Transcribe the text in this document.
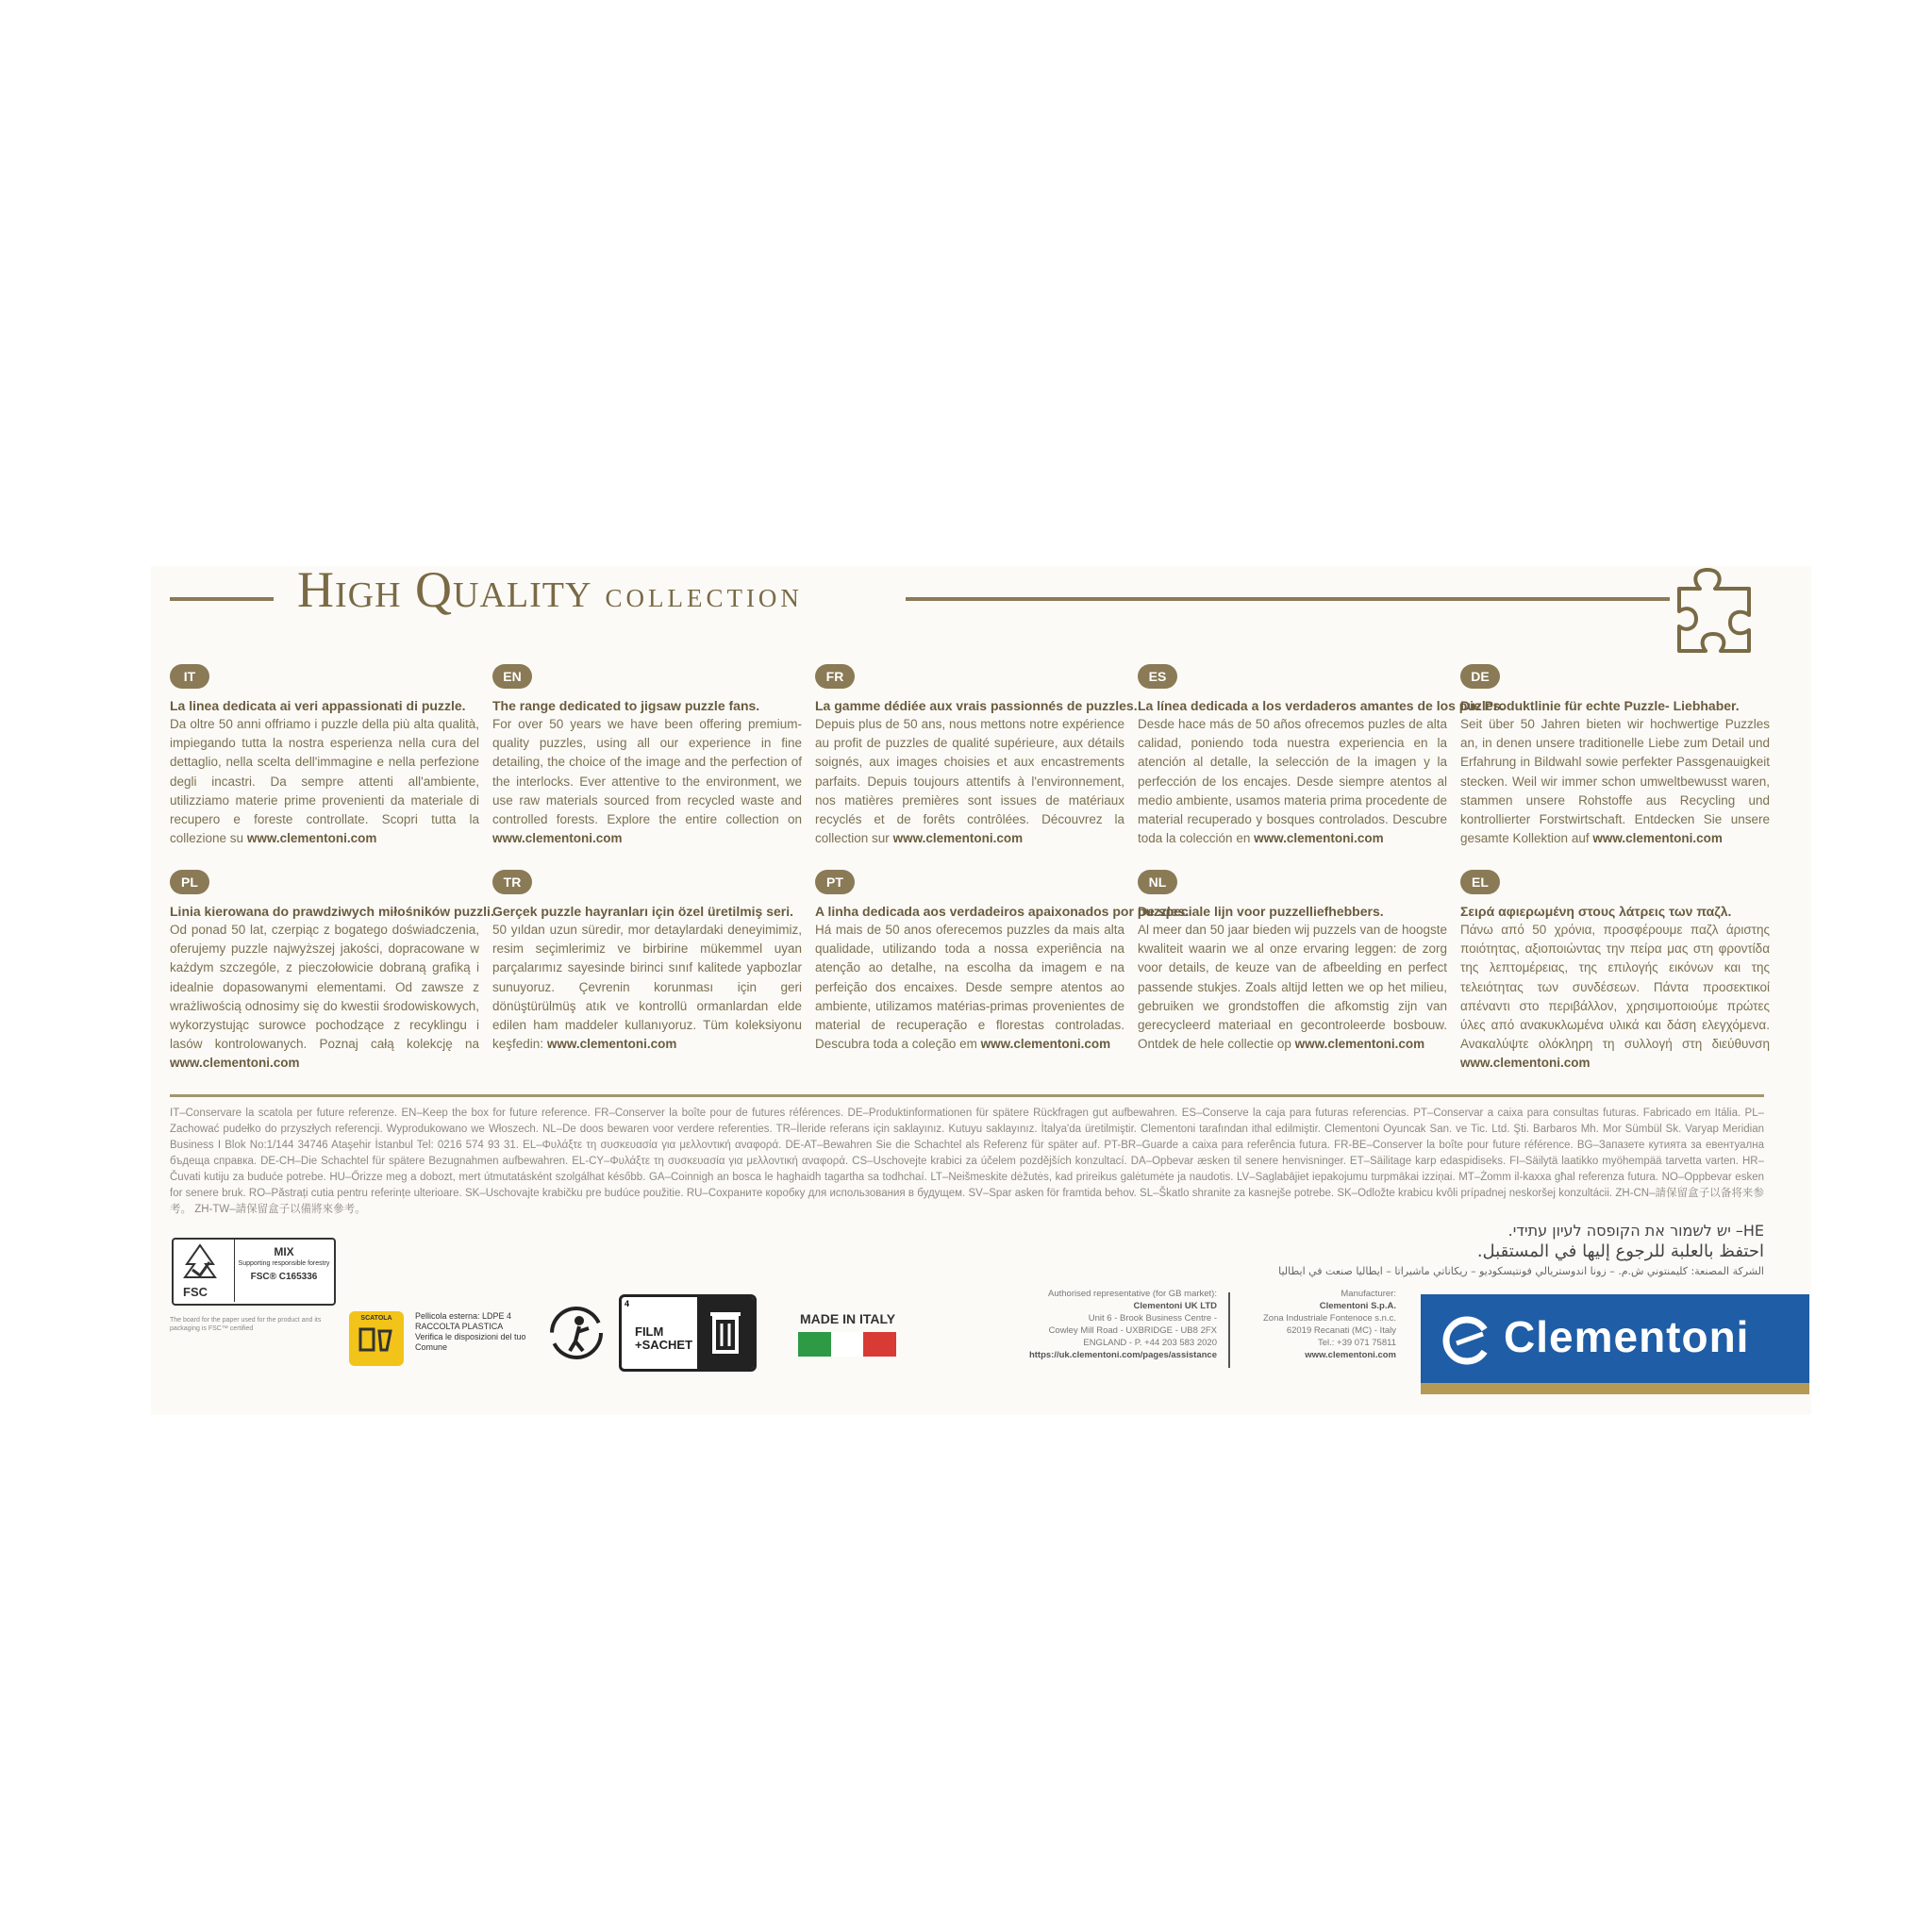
High Quality collection
IT
La linea dedicata ai veri appassionati di puzzle.
Da oltre 50 anni offriamo i puzzle della più alta qualità, impiegando tutta la nostra esperienza nella cura del dettaglio, nella scelta dell'immagine e nella perfezione degli incastri. Da sempre attenti all'ambiente, utilizziamo materie prime provenienti da materiale di recupero e foreste controllate. Scopri tutta la collezione su www.clementoni.com
EN
The range dedicated to jigsaw puzzle fans.
For over 50 years we have been offering premium-quality puzzles, using all our experience in fine detailing, the choice of the image and the perfection of the interlocks. Ever attentive to the environment, we use raw materials sourced from recycled waste and controlled forests. Explore the entire collection on www.clementoni.com
FR
La gamme dédiée aux vrais passionnés de puzzles.
Depuis plus de 50 ans, nous mettons notre expérience au profit de puzzles de qualité supérieure, aux détails soignés, aux images choisies et aux encastrements parfaits. Depuis toujours attentifs à l'environnement, nos matières premières sont issues de matériaux recyclés et de forêts contrôlées. Découvrez la collection sur www.clementoni.com
ES
La línea dedicada a los verdaderos amantes de los puzles.
Desde hace más de 50 años ofrecemos puzles de alta calidad, poniendo toda nuestra experiencia en la atención al detalle, la selección de la imagen y la perfección de los encajes. Desde siempre atentos al medio ambiente, usamos materia prima procedente de material recuperado y bosques controlados. Descubre toda la colección en www.clementoni.com
DE
Die Produktlinie für echte Puzzle- Liebhaber.
Seit über 50 Jahren bieten wir hochwertige Puzzles an, in denen unsere traditionelle Liebe zum Detail und Erfahrung in Bildwahl sowie perfekter Passgenauigkeit stecken. Weil wir immer schon umweltbewusst waren, stammen unsere Rohstoffe aus Recycling und kontrollierter Forstwirtschaft. Entdecken Sie unsere gesamte Kollektion auf www.clementoni.com
PL
Linia kierowana do prawdziwych miłośników puzzli.
Od ponad 50 lat, czerpiąc z bogatego doświadczenia, oferujemy puzzle najwyższej jakości, dopracowane w każdym szczególe, z pieczołowicie dobraną grafiką i idealnie dopasowanymi elementami. Od zawsze z wrażliwością odnosimy się do kwestii środowiskowych, wykorzystując surowce pochodzące z recyklingu i lasów kontrolowanych. Poznaj całą kolekcję na www.clementoni.com
TR
Gerçek puzzle hayranları için özel üretilmiş seri.
50 yıldan uzun süredir, mor detaylardaki deneyimimiz, resim seçimlerimiz ve birbirine mükemmel uyan parçalarımız sayesinde birinci sınıf kalitede yapbozlar sunuyoruz. Çevrenin korunması için geri dönüştürülmüş atık ve kontrollü ormanlardan elde edilen ham maddeler kullanıyoruz. Tüm koleksiyonu keşfedin: www.clementoni.com
PT
A linha dedicada aos verdadeiros apaixonados por puzzles.
Há mais de 50 anos oferecemos puzzles da mais alta qualidade, utilizando toda a nossa experiência na atenção ao detalhe, na escolha da imagem e na perfeição dos encaixes. Desde sempre atentos ao ambiente, utilizamos matérias-primas provenientes de material de recuperação e florestas controladas. Descubra toda a coleção em www.clementoni.com
NL
De speciale lijn voor puzzelliefhebbers.
Al meer dan 50 jaar bieden wij puzzels van de hoogste kwaliteit waarin we al onze ervaring leggen: de zorg voor details, de keuze van de afbeelding en perfect passende stukjes. Zoals altijd letten we op het milieu, gebruiken we grondstoffen die afkomstig zijn van gerecycleerd materiaal en gecontroleerde bosbouw. Ontdek de hele collectie op www.clementoni.com
EL
Σειρά αφιερωμένη στους λάτρεις των παζλ.
Πάνω από 50 χρόνια, προσφέρουμε παζλ άριστης ποιότητας, αξιοποιώντας την πείρα μας στη φροντίδα της λεπτομέρειας, της επιλογής εικόνων και της τελειότητας των συνδέσεων. Πάντα προσεκτικοί απέναντι στο περιβάλλον, χρησιμοποιούμε πρώτες ύλες από ανακυκλωμένα υλικά και δάση ελεγχόμενα. Ανακαλύψτε ολόκληρη τη συλλογή στη διεύθυνση www.clementoni.com
IT–Conservare la scatola per future referenze. EN–Keep the box for future reference. FR–Conserver la boîte pour de futures références. DE–Produktinformationen für spätere Rückfragen gut aufbewahren. ES–Conserve la caja para futuras referencias. PT–Conservar a caixa para consultas futuras. Fabricado em Itália. PL–Zachować pudełko do przyszłych referencji. Wyprodukowano we Włoszech. NL–De doos bewaren voor verdere referenties. TR–İleride referans için saklayınız. Kutuyu saklayınız. İtalya'da üretilmiştir. Clementoni tarafından ithal edilmiştir. Clementoni Oyuncak San. ve Tic. Ltd. Şti. Barbaros Mh. Mor Sümbül Sk. Varyap Meridian Business I Blok No:1/144 34746 Ataşehir İstanbul Tel: 0216 574 93 31. EL–Φυλάξτε τη συσκευασία για μελλοντική αναφορά. DE-AT–Bewahren Sie die Schachtel als Referenz für später auf. PT-BR–Guarde a caixa para referência futura. FR-BE–Conserver la boîte pour future référence. BG–Запазете кутията за евентуална бъдеща справка. DE-CH–Die Schachtel für spätere Bezugnahmen aufbewahren. EL-CY–Φυλάξτε τη συσκευασία για μελλοντική αναφορά. CS–Uschovejte krabici za účelem pozdějších konzultací. DA–Opbevar æsken til senere henvisninger. ET–Säilitage karp edaspidiseks. FI–Säilytä laatikko myöhempää tarvetta varten. HR–Čuvati kutiju za buduće potrebe. HU–Őrizze meg a dobozt, mert útmutatásként szolgálhat később. GA–Coinnigh an bosca le haghaidh tagartha sa todhchaí. LT–Neišmeskite dėžutės, kad prireikus galėtumėte ja naudotis. LV–Saglabājiet iepakojumu turpmākai izziņai. MT–Żomm il-kaxxa għal referenza futura. NO–Oppbevar esken for senere bruk. RO–Păstrați cutia pentru referințe ulterioare. SK–Uschovajte krabičku pre budúce použitie. RU–Сохраните коробку для использования в будущем. SV–Spar asken för framtida behov. SL–Škatlo shranite za kasnejše potrebe. SK–Odložte krabicu kvôli prípadnej neskoršej konzultácii. ZH-CN–請保留盒子以备将来参考。 ZH-TW–請保留盒子以備將來參考。
HE– יש לשמור את הקופסה לעיון עתידי.
احتفظ بالعلبة للرجوع إليها في المستقبل.
الشركة المصنعة: كليمنتوني ش.م. – زونا اندوستريالي فونتيسكوديو – ريكاناتي ماشيراتا – ايطاليا صنعت في ايطاليا
FSC
MIX
Supporting responsible forestry
FSC® C165336
The board for the paper used for the product and its packaging is FSC™ certified
SCATOLA	Pellicola esterna: LDPE 4 RACCOLTA PLASTICA Verifica le disposizioni del tuo Comune
4
FILM
+SACHET
MADE IN ITALY
Authorised representative (for GB market):
Clementoni UK LTD
Unit 6 - Brook Business Centre -
Cowley Mill Road - UXBRIDGE - UB8 2FX
ENGLAND - P. +44 203 583 2020
https://uk.clementoni.com/pages/assistance
Manufacturer:
Clementoni S.p.A.
Zona Industriale Fontenoce s.n.c.
62019 Recanati (MC) - Italy
Tel.: +39 071 75811
www.clementoni.com Clementoni
